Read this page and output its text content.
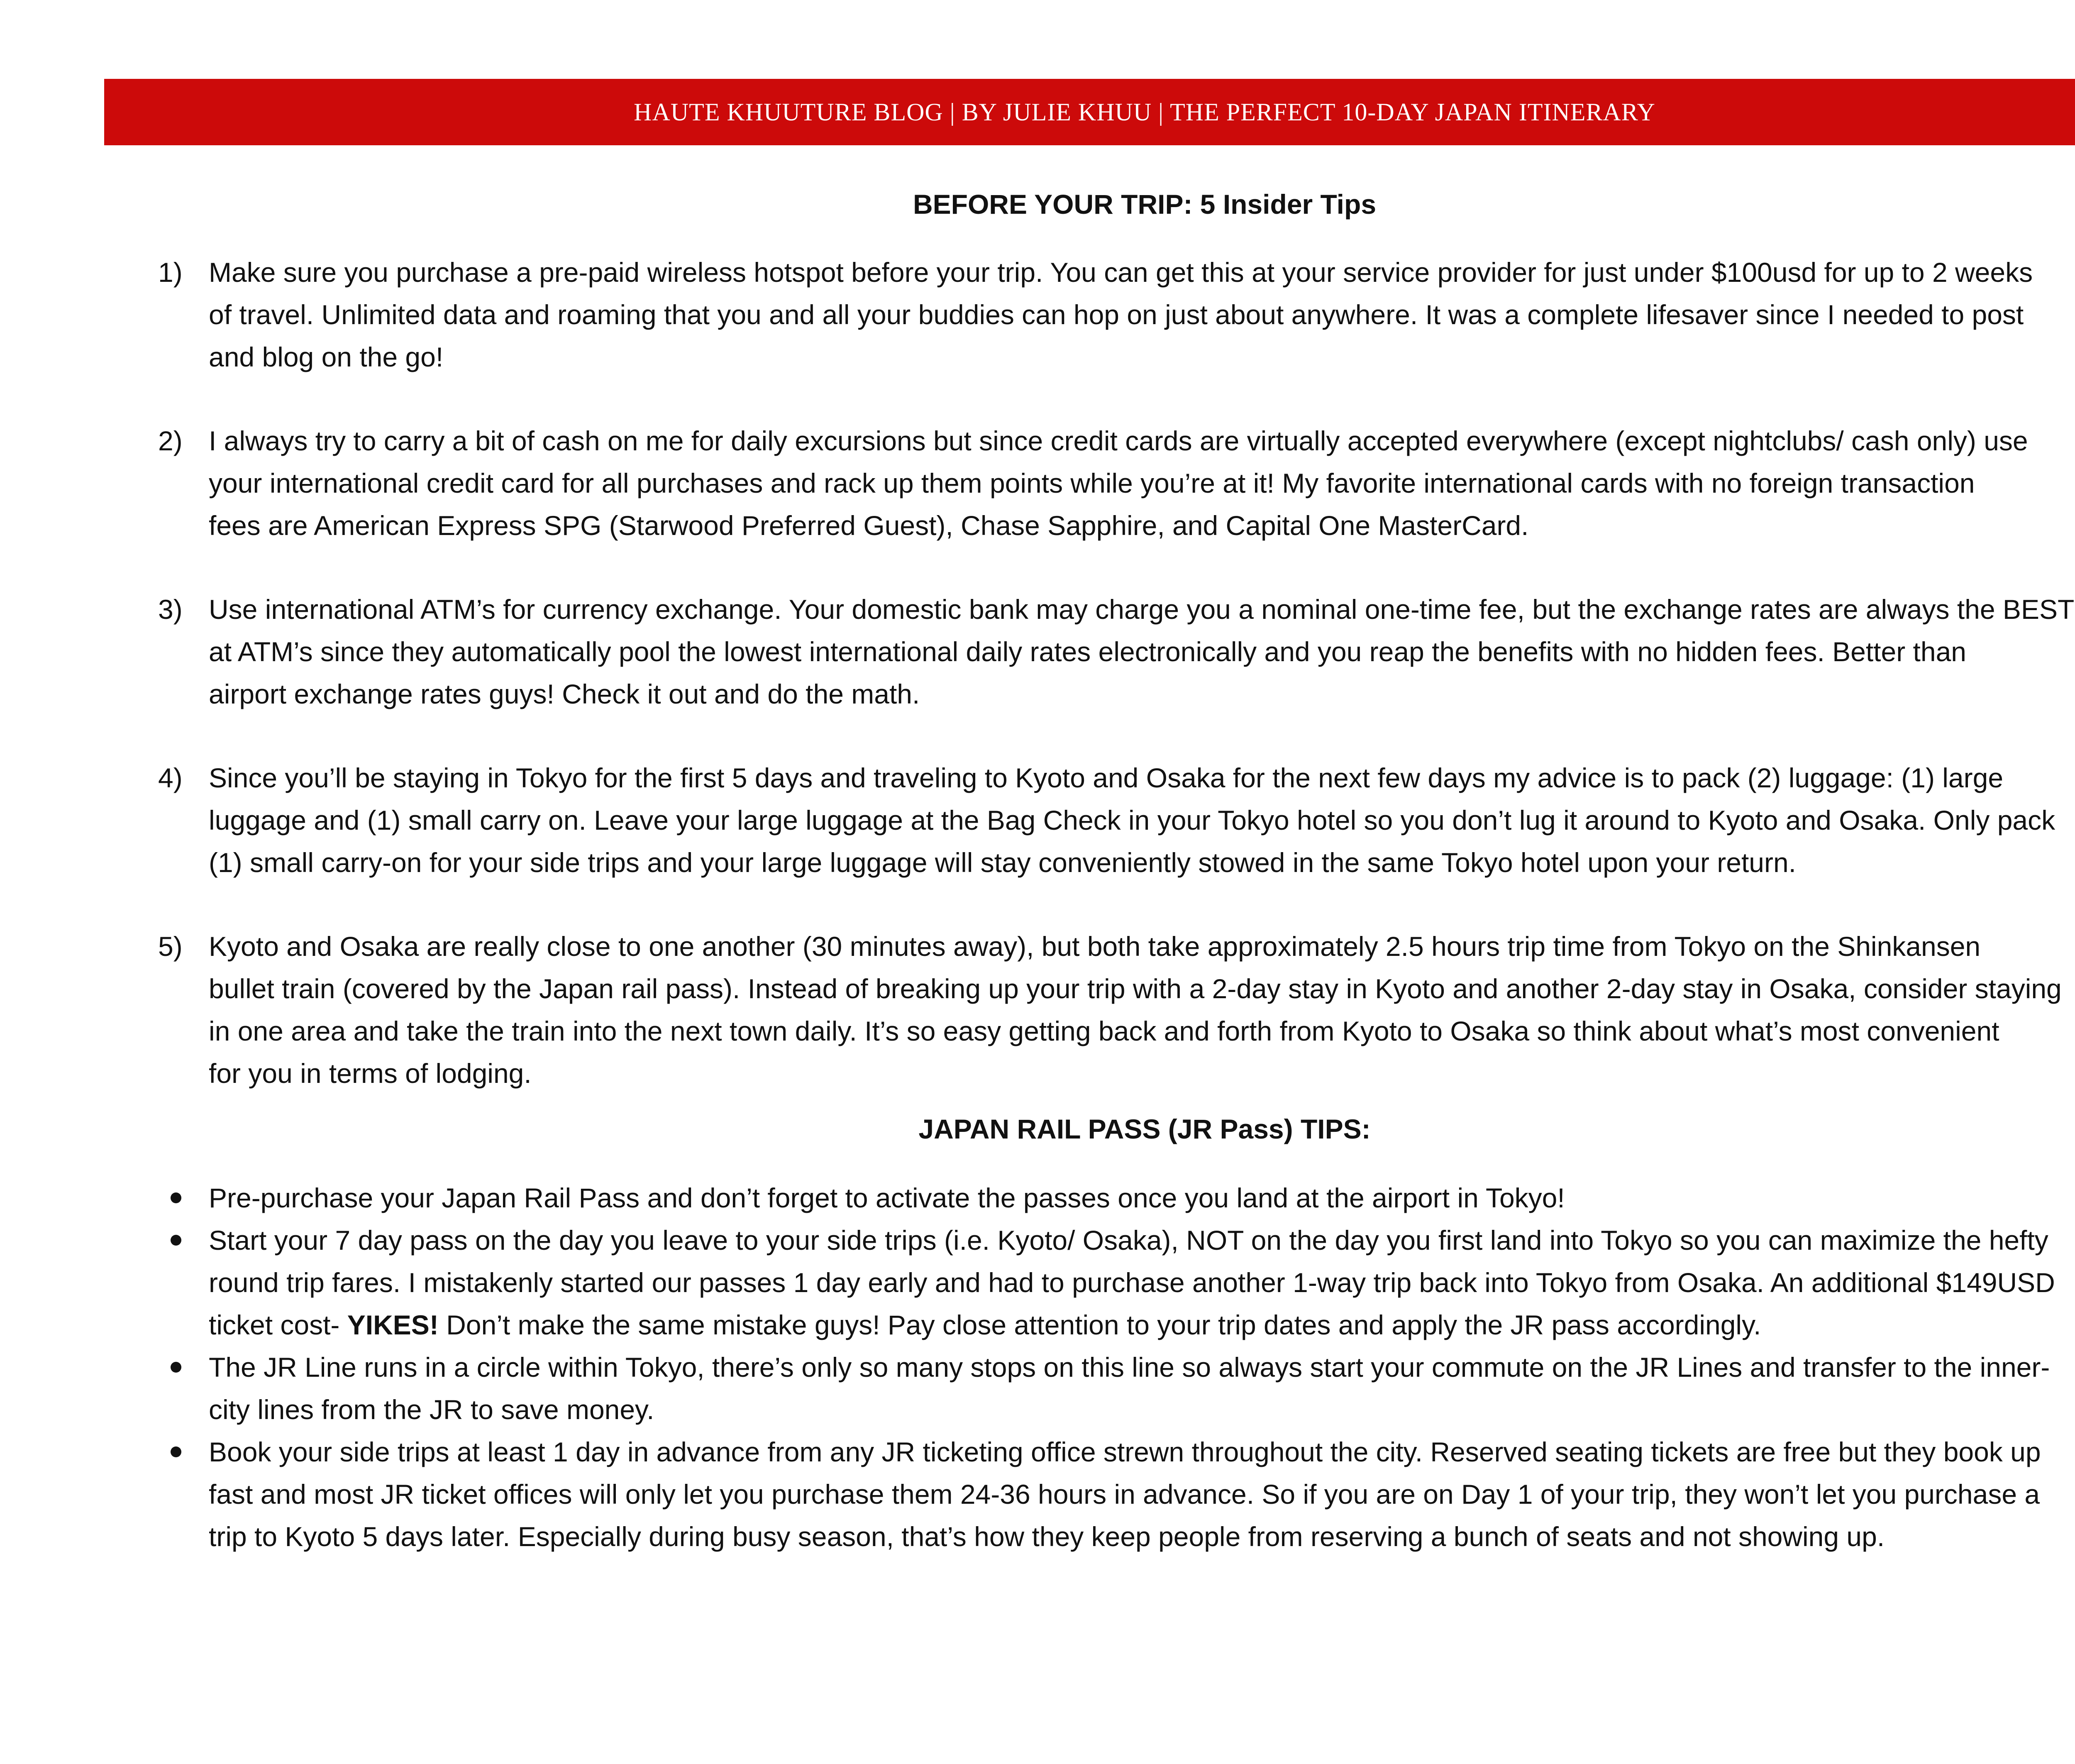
HAUTE KHUUTURE BLOG | BY JULIE KHUU | THE PERFECT 10-DAY JAPAN ITINERARY
BEFORE YOUR TRIP: 5 Insider Tips
1) Make sure you purchase a pre-paid wireless hotspot before your trip. You can get this at your service provider for just under $100usd for up to 2 weeks
of travel. Unlimited data and roaming that you and all your buddies can hop on just about anywhere. It was a complete lifesaver since I needed to post
and blog on the go!
2) I always try to carry a bit of cash on me for daily excursions but since credit cards are virtually accepted everywhere (except nightclubs/ cash only) use
your international credit card for all purchases and rack up them points while you’re at it! My favorite international cards with no foreign transaction
fees are American Express SPG (Starwood Preferred Guest), Chase Sapphire, and Capital One MasterCard.
3) Use international ATM’s for currency exchange. Your domestic bank may charge you a nominal one-time fee, but the exchange rates are always the BEST
at ATM’s since they automatically pool the lowest international daily rates electronically and you reap the benefits with no hidden fees. Better than
airport exchange rates guys! Check it out and do the math.
4) Since you’ll be staying in Tokyo for the first 5 days and traveling to Kyoto and Osaka for the next few days my advice is to pack (2) luggage: (1) large
luggage and (1) small carry on. Leave your large luggage at the Bag Check in your Tokyo hotel so you don’t lug it around to Kyoto and Osaka. Only pack
(1) small carry-on for your side trips and your large luggage will stay conveniently stowed in the same Tokyo hotel upon your return.
5) Kyoto and Osaka are really close to one another (30 minutes away), but both take approximately 2.5 hours trip time from Tokyo on the Shinkansen
bullet train (covered by the Japan rail pass). Instead of breaking up your trip with a 2-day stay in Kyoto and another 2-day stay in Osaka, consider staying
in one area and take the train into the next town daily. It’s so easy getting back and forth from Kyoto to Osaka so think about what’s most convenient
for you in terms of lodging.
JAPAN RAIL PASS (JR Pass) TIPS:
Pre-purchase your Japan Rail Pass and don’t forget to activate the passes once you land at the airport in Tokyo!
Start your 7 day pass on the day you leave to your side trips (i.e. Kyoto/ Osaka), NOT on the day you first land into Tokyo so you can maximize the hefty
round trip fares. I mistakenly started our passes 1 day early and had to purchase another 1-way trip back into Tokyo from Osaka. An additional $149USD
ticket cost- YIKES! Don’t make the same mistake guys! Pay close attention to your trip dates and apply the JR pass accordingly.
The JR Line runs in a circle within Tokyo, there’s only so many stops on this line so always start your commute on the JR Lines and transfer to the inner-
city lines from the JR to save money.
Book your side trips at least 1 day in advance from any JR ticketing office strewn throughout the city. Reserved seating tickets are free but they book up
fast and most JR ticket offices will only let you purchase them 24-36 hours in advance. So if you are on Day 1 of your trip, they won’t let you purchase a
trip to Kyoto 5 days later. Especially during busy season, that’s how they keep people from reserving a bunch of seats and not showing up.
